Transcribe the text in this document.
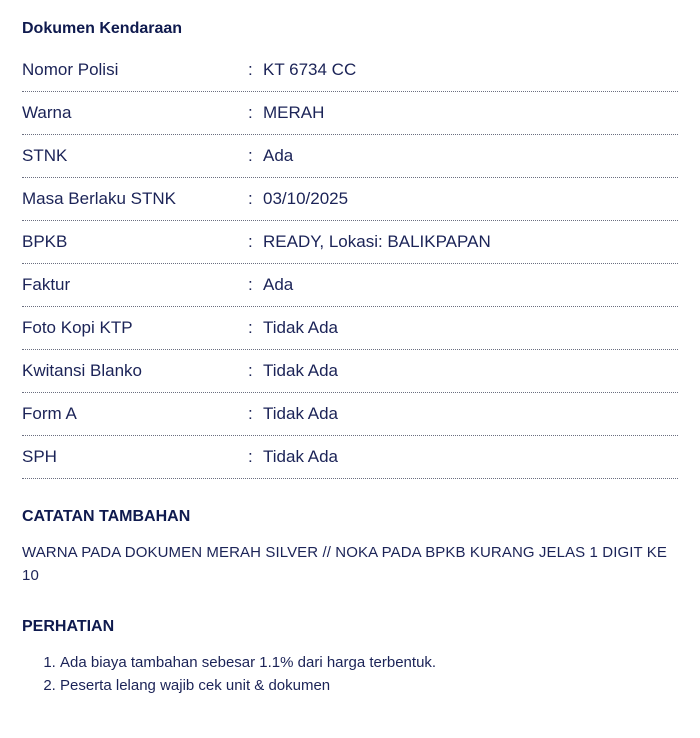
Dokumen Kendaraan
Nomor Polisi	: KT 6734 CC
Warna	: MERAH
STNK	: Ada
Masa Berlaku STNK	: 03/10/2025
BPKB	: READY, Lokasi: BALIKPAPAN
Faktur	: Ada
Foto Kopi KTP	: Tidak Ada
Kwitansi Blanko	: Tidak Ada
Form A	: Tidak Ada
SPH	: Tidak Ada
CATATAN TAMBAHAN
WARNA PADA DOKUMEN MERAH SILVER // NOKA PADA BPKB KURANG JELAS 1 DIGIT KE 10
PERHATIAN
1. Ada biaya tambahan sebesar 1.1% dari harga terbentuk.
2. Peserta lelang wajib cek unit & dokumen
